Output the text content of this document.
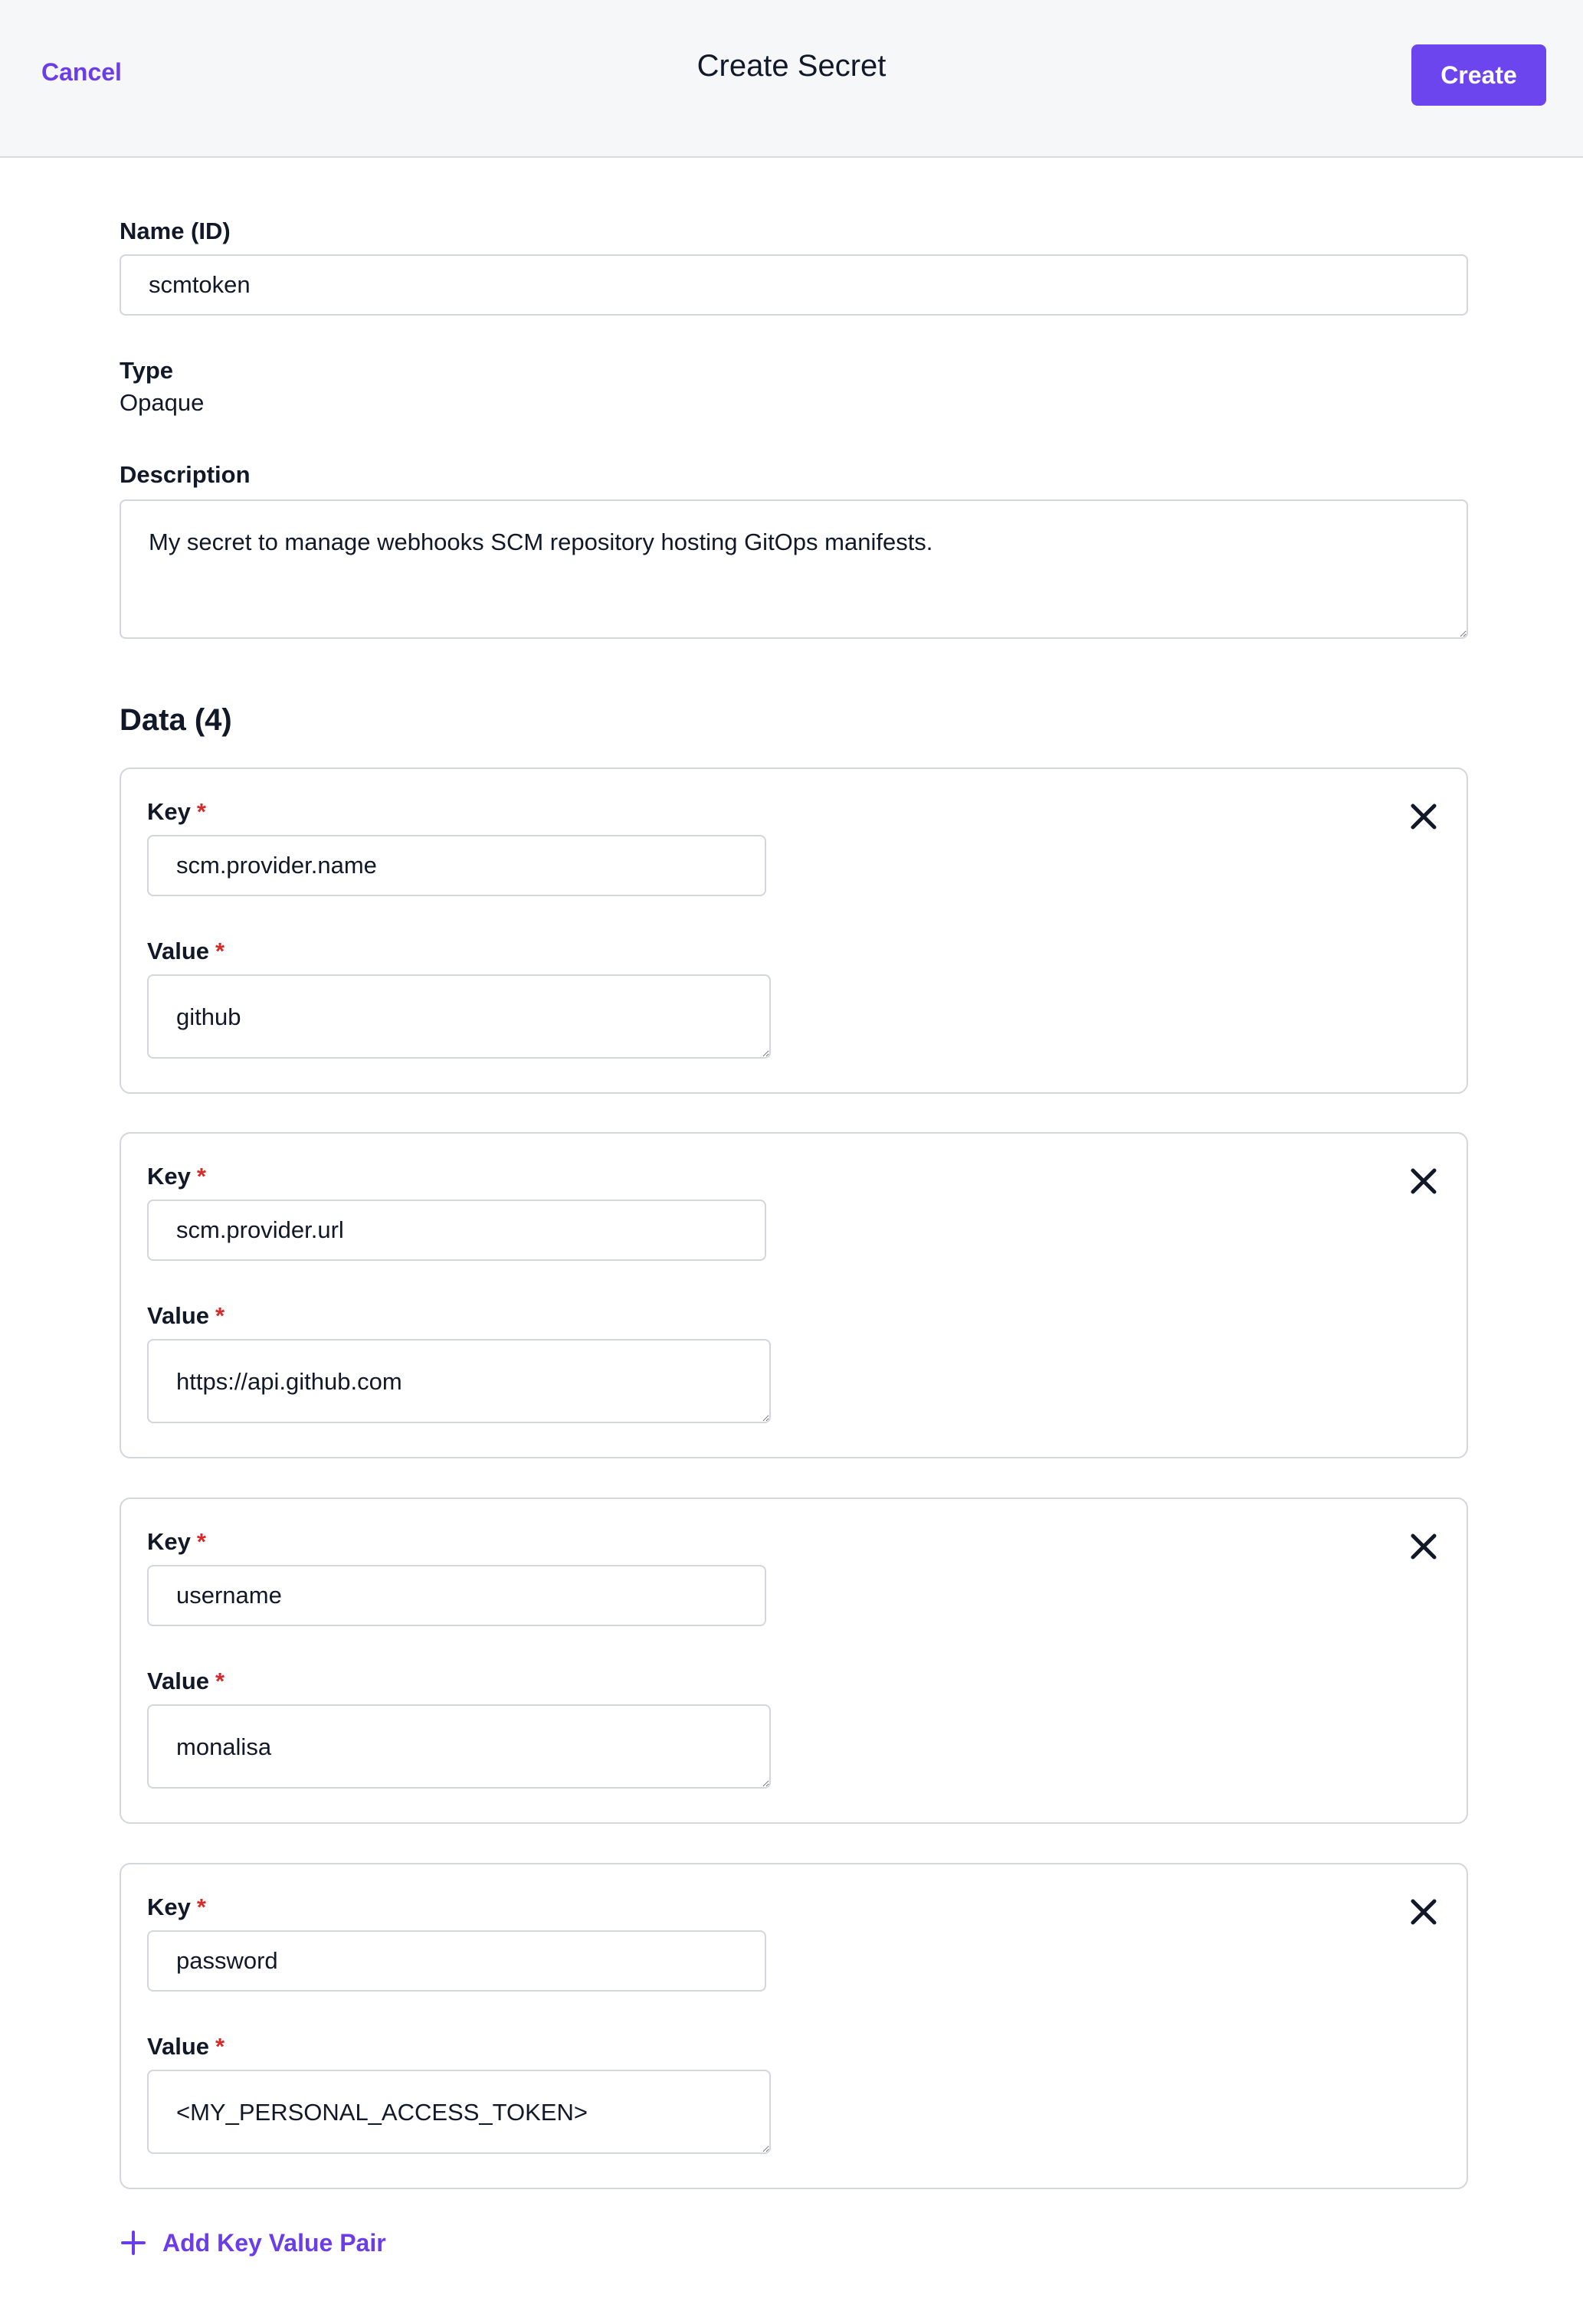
Cancel	Create Secret	Create
Name (ID)
scmtoken
Type
Opaque
Description
My secret to manage webhooks SCM repository hosting GitOps manifests.
Data (4)
Key *
scm.provider.name
Value *
github
Key *
scm.provider.url
Value *
https://api.github.com
Key *
username
Value *
monalisa
Key *
password
Value *
<MY_PERSONAL_ACCESS_TOKEN>
Add Key Value Pair
